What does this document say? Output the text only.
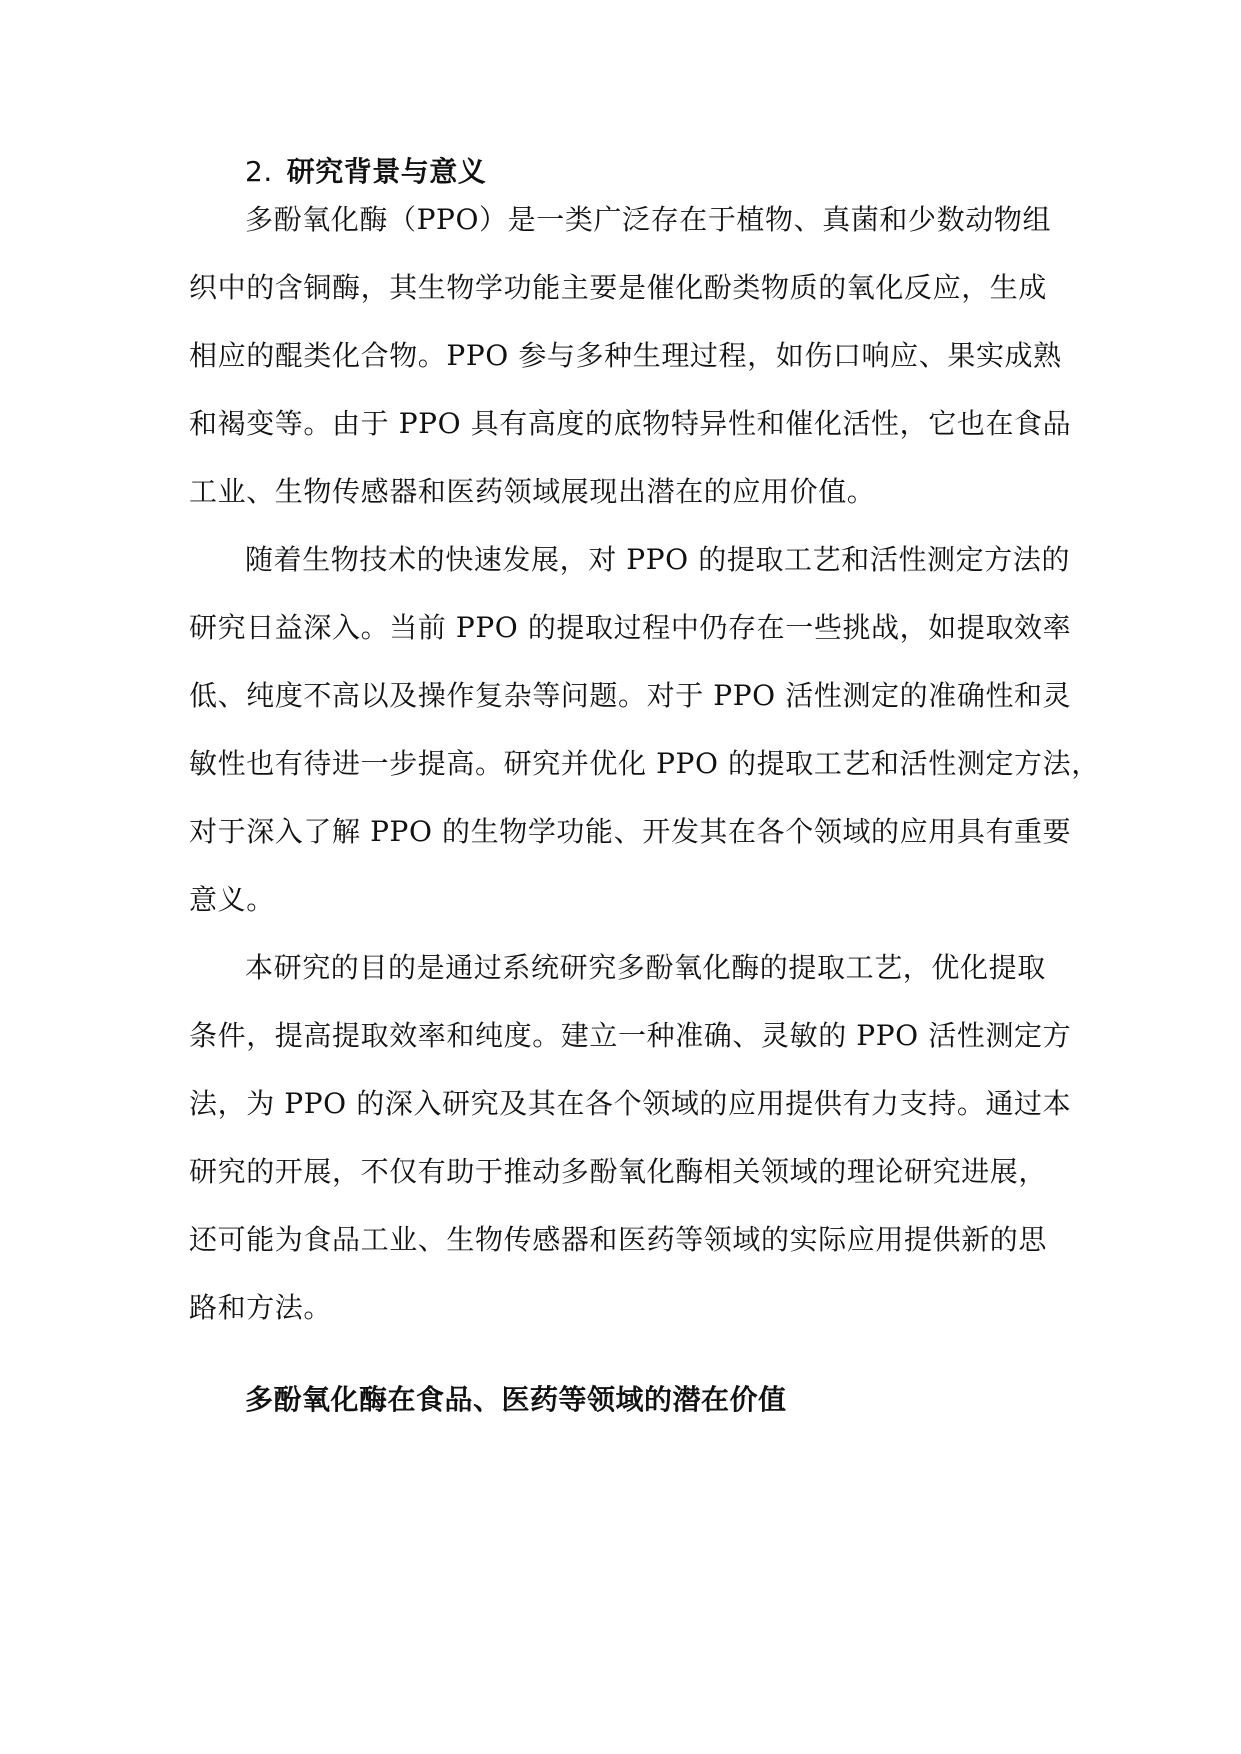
2. 研究背景与意义
多酚氧化酶（PPO）是一类广泛存在于植物、真菌和少数动物组
织中的含铜酶，其生物学功能主要是催化酚类物质的氧化反应，生成
相应的醌类化合物。PPO 参与多种生理过程，如伤口响应、果实成熟
和褐变等。由于 PPO 具有高度的底物特异性和催化活性，它也在食品
工业、生物传感器和医药领域展现出潜在的应用价值。
随着生物技术的快速发展，对 PPO 的提取工艺和活性测定方法的
研究日益深入。当前 PPO 的提取过程中仍存在一些挑战，如提取效率
低、纯度不高以及操作复杂等问题。对于 PPO 活性测定的准确性和灵
敏性也有待进一步提高。研究并优化 PPO 的提取工艺和活性测定方法，
对于深入了解 PPO 的生物学功能、开发其在各个领域的应用具有重要
意义。
本研究的目的是通过系统研究多酚氧化酶的提取工艺，优化提取
条件，提高提取效率和纯度。建立一种准确、灵敏的 PPO 活性测定方
法，为 PPO 的深入研究及其在各个领域的应用提供有力支持。通过本
研究的开展，不仅有助于推动多酚氧化酶相关领域的理论研究进展，
还可能为食品工业、生物传感器和医药等领域的实际应用提供新的思
路和方法。
多酚氧化酶在食品、医药等领域的潜在价值
